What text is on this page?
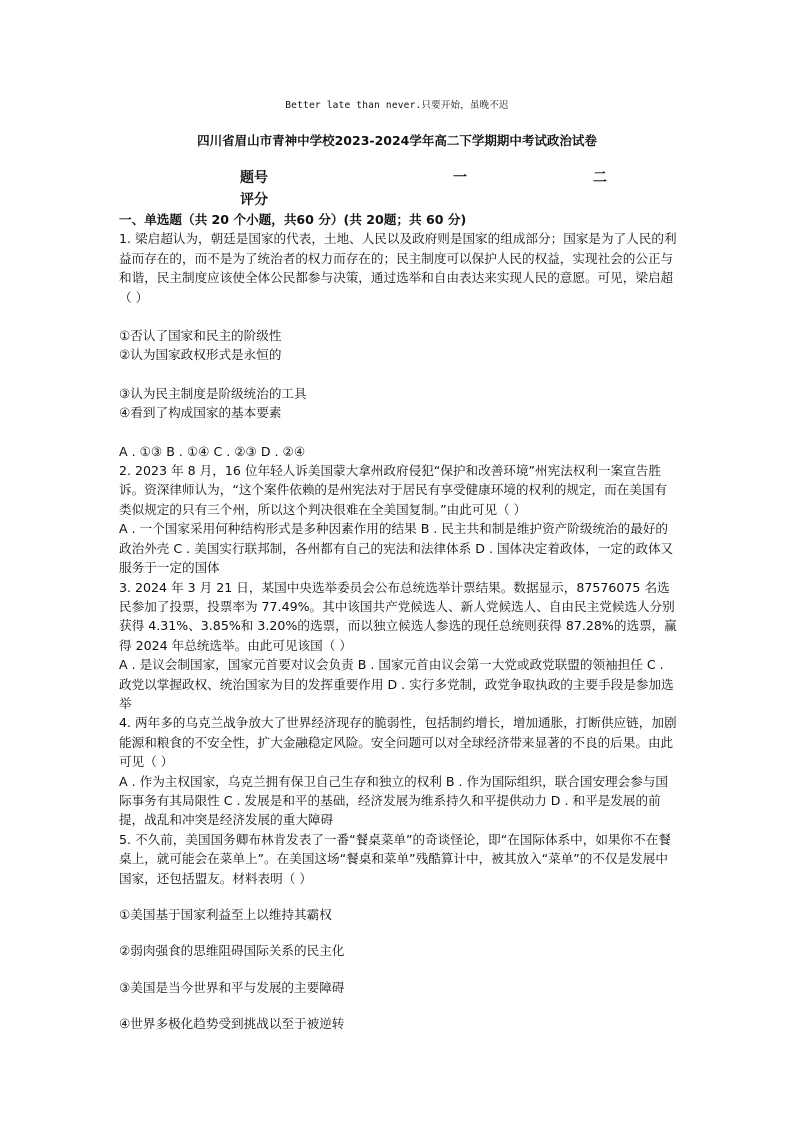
Better late than never.只要开始，虽晚不迟
四川省眉山市青神中学校2023-2024学年高二下学期期中考试政治试卷
题号
评分
一	二

一、单选题（共 20 个小题，共60 分）(共 20题；共 60 分)

1. 梁启超认为，朝廷是国家的代表，土地、人民以及政府则是国家的组成部分；国家是为了人民的利益而存在的，而不是为了统治者的权力而存在的；民主制度可以保护人民的权益，实现社会的公正与和谐，民主制度应该使全体公民都参与决策，通过选举和自由表达来实现人民的意愿。可见，梁启超（ ）

①否认了国家和民主的阶级性

②认为国家政权形式是永恒的

③认为民主制度是阶级统治的工具

④看到了构成国家的基本要素

A . ①③ B . ①④ C . ②③ D . ②④

2. 2023 年 8 月，16 位年轻人诉美国蒙大拿州政府侵犯“保护和改善环境”州宪法权利一案宣告胜诉。资深律师认为，“这个案件依赖的是州宪法对于居民有享受健康环境的权利的规定，而在美国有类似规定的只有三个州，所以这个判决很难在全美国复制。”由此可见（ ）

A . 一个国家采用何种结构形式是多种因素作用的结果 B . 民主共和制是维护资产阶级统治的最好的政治外壳 C . 美国实行联邦制，各州都有自己的宪法和法律体系 D . 国体决定着政体，一定的政体又服务于一定的国体

3. 2024 年 3 月 21 日，某国中央选举委员会公布总统选举计票结果。数据显示，87576075 名选民参加了投票，投票率为 77.49%。其中该国共产党候选人、新人党候选人、自由民主党候选人分别获得 4.31%、3.85%和 3.20%的选票，而以独立候选人参选的现任总统则获得 87.28%的选票，赢得 2024 年总统选举。由此可见该国（ ）

A . 是议会制国家，国家元首要对议会负责 B . 国家元首由议会第一大党或政党联盟的领袖担任 C . 政党以掌握政权、统治国家为目的发挥重要作用 D . 实行多党制，政党争取执政的主要手段是参加选举

4. 两年多的乌克兰战争放大了世界经济现存的脆弱性，包括制约增长，增加通胀，打断供应链，加剧能源和粮食的不安全性，扩大金融稳定风险。安全问题可以对全球经济带来显著的不良的后果。由此可见（ ）

A . 作为主权国家，乌克兰拥有保卫自己生存和独立的权利 B . 作为国际组织，联合国安理会参与国际事务有其局限性 C . 发展是和平的基础，经济发展为维系持久和平提供动力 D . 和平是发展的前提，战乱和冲突是经济发展的重大障碍

5. 不久前，美国国务卿布林肯发表了一番“餐桌菜单”的奇谈怪论，即“在国际体系中，如果你不在餐桌上，就可能会在菜单上”。在美国这场“餐桌和菜单”残酷算计中，被其放入“菜单”的不仅是发展中国家，还包括盟友。材料表明（ ）

①美国基于国家利益至上以维持其霸权

②弱肉强食的思维阻碍国际关系的民主化

③美国是当今世界和平与发展的主要障碍

④世界多极化趋势受到挑战以至于被逆转
